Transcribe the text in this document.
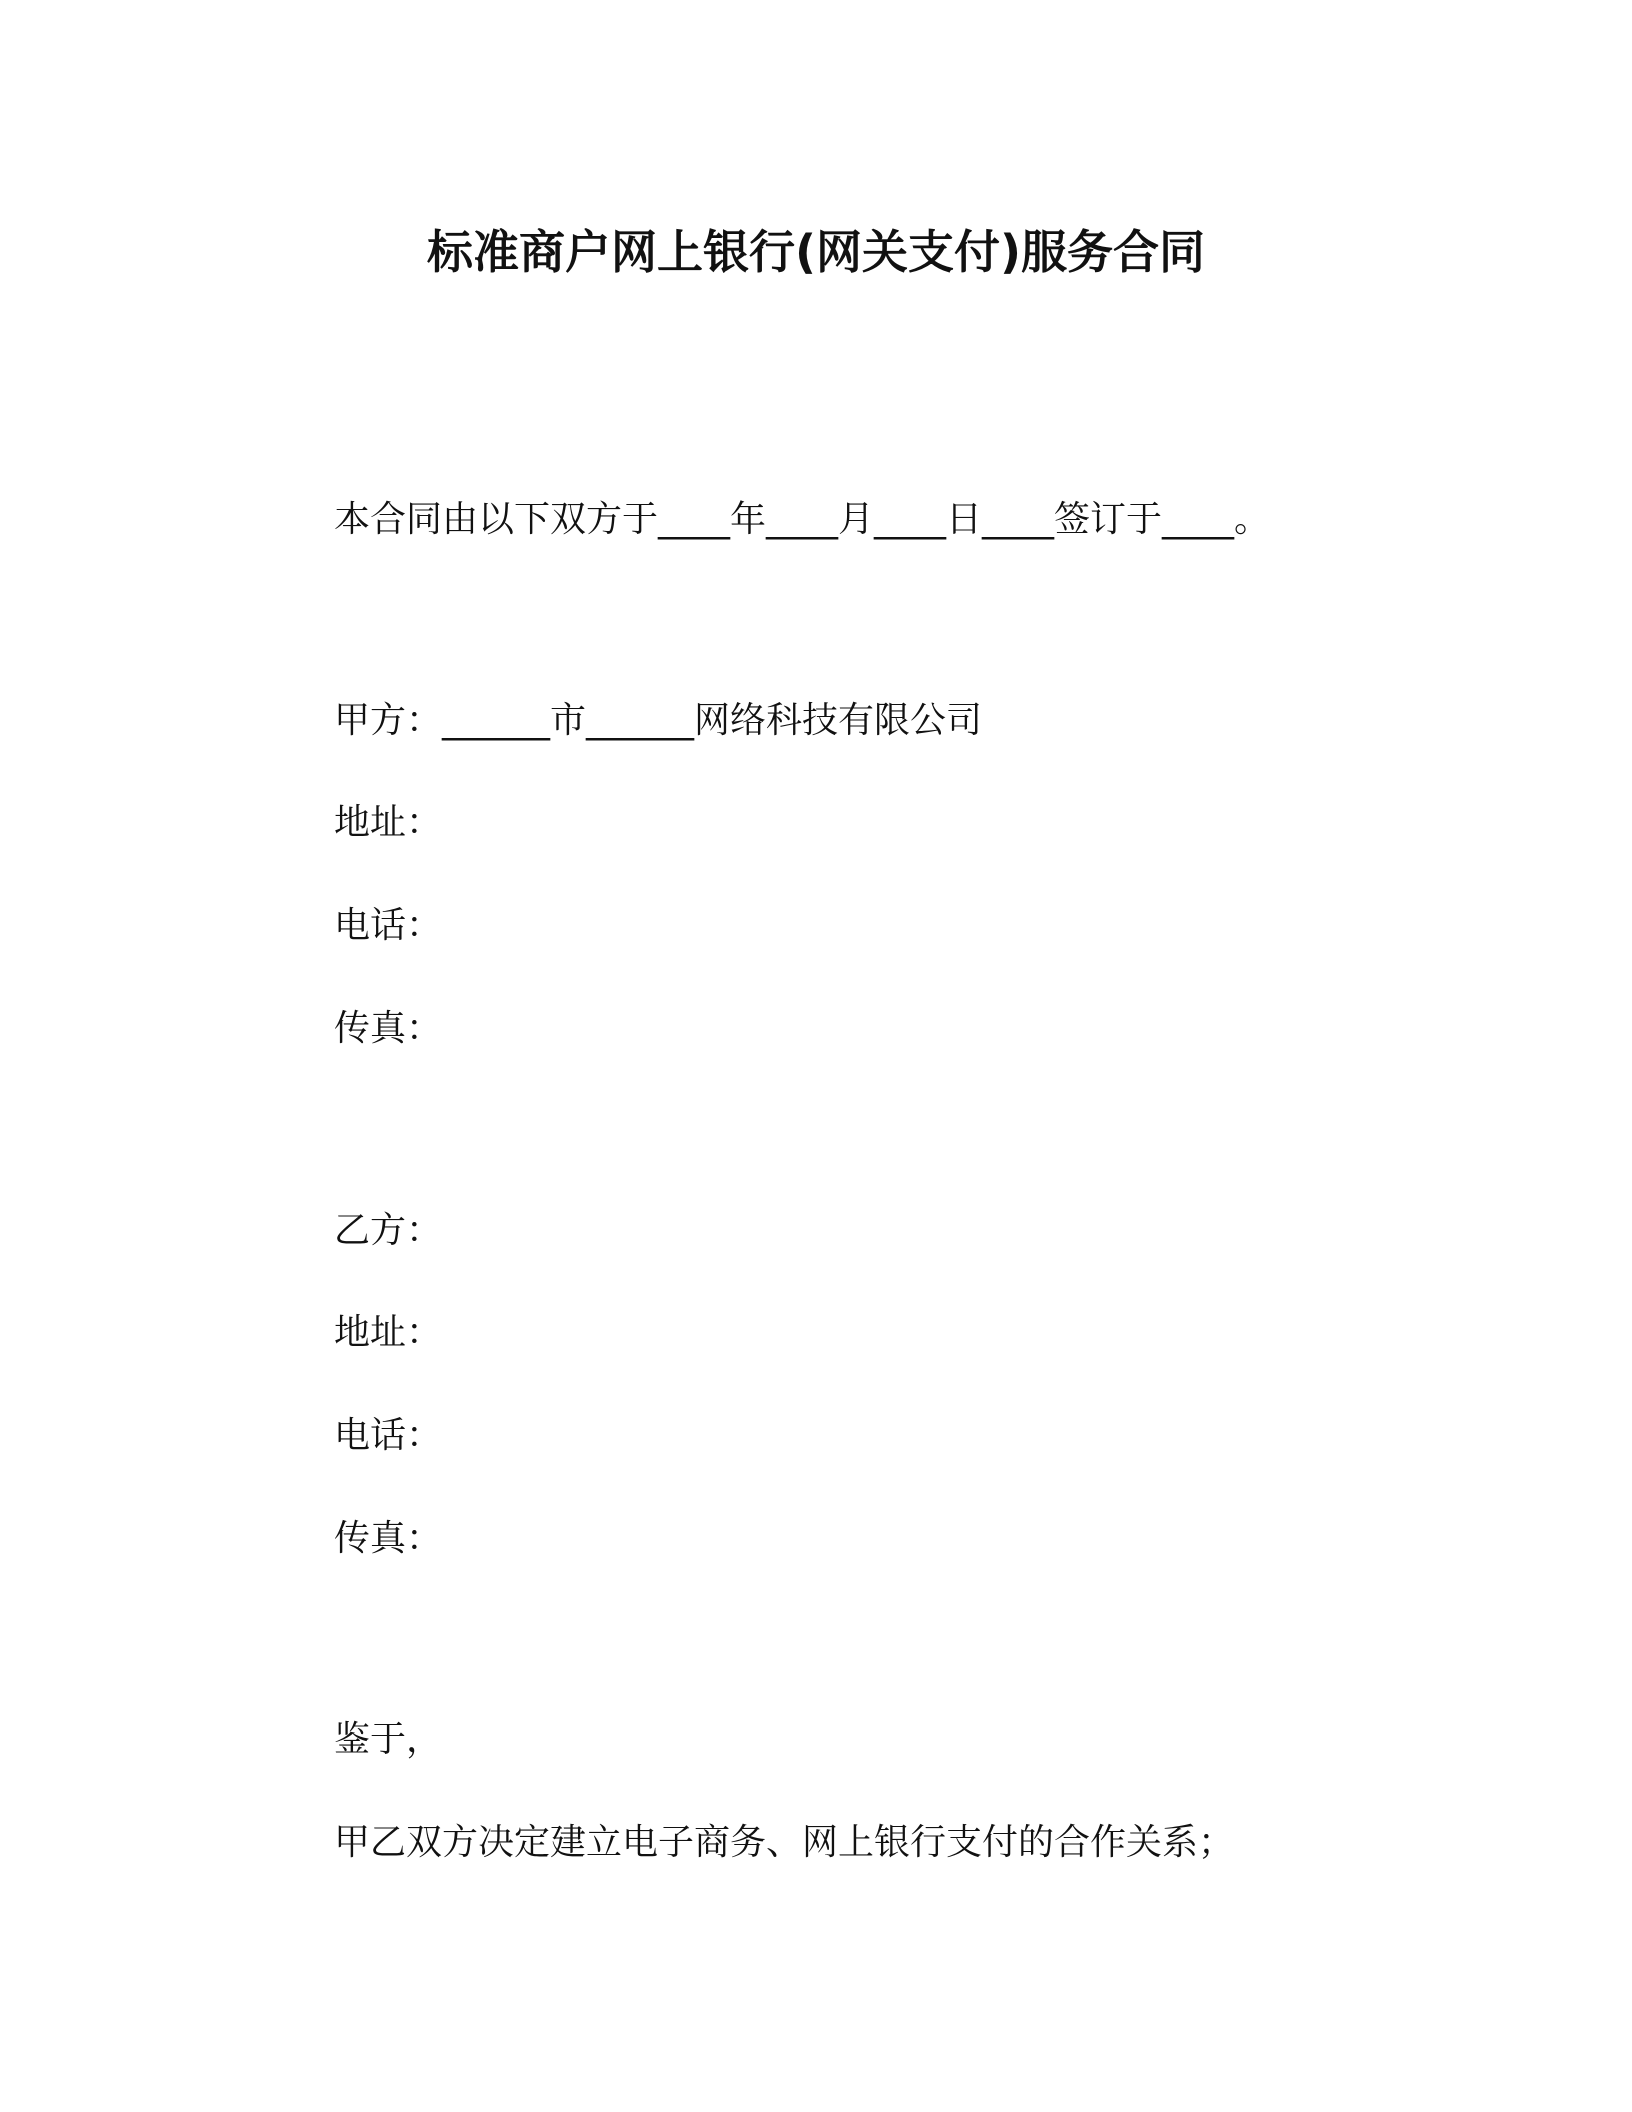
标准商户网上银行(网关支付)服务合同
本合同由以下双方于____年____月____日____签订于____。
甲方：______市______网络科技有限公司
地址：
电话：
传真：
乙方：
地址：
电话：
传真：
鉴于，
甲乙双方决定建立电子商务、网上银行支付的合作关系；
